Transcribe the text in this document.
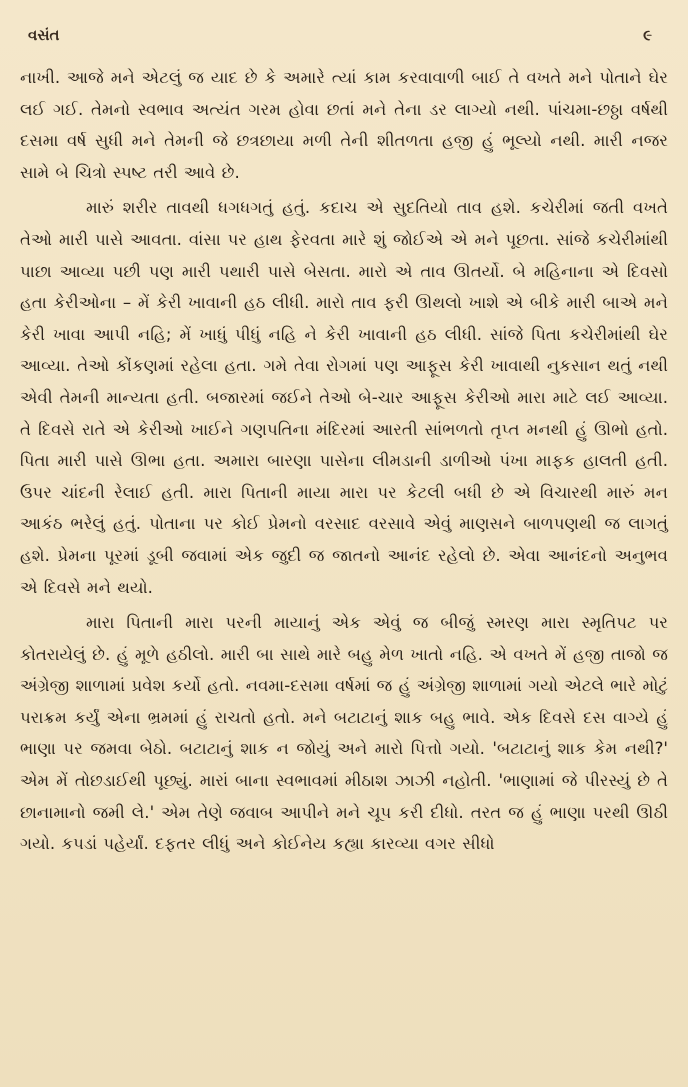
વસંત	૯

નાખી. આજે મને એટલું જ યાદ છે કે અમારે ત્યાં કામ કરવાવાળી બાઈ તે વખતે મને પોતાને ઘેર લઈ ગઈ. તેમનો સ્વભાવ અત્યંત ગરમ હોવા છતાં મને તેના ડર લાગ્યો નથી. પાંચમા-છઠ્ઠા વર્ષથી દસમા વર્ષ સુધી મને તેમની જે છત્રછાયા મળી તેની શીતળતા હજી હું ભૂલ્યો નથી. મારી નજર સામે બે ચિત્રો સ્પષ્ટ તરી આવે છે.

મારું શરીર તાવથી ધગધગતું હતું. કદાચ એ સુદતિયો તાવ હશે. કચેરીમાં જતી વખતે તેઓ મારી પાસે આવતા. વાંસા પર હાથ ફેરવતા મારે શું જોઈએ એ મને પૂછતા. સાંજે કચેરીમાંથી પાછા આવ્યા પછી પણ મારી પથારી પાસે બેસતા. મારો એ તાવ ઊતર્યો. બે મહિનાના એ દિવસો હતા કેરીઓના – મેં કેરી ખાવાની હઠ લીધી. મારો તાવ ફરી ઊથલો ખાશે એ બીકે મારી બાએ મને કેરી ખાવા આપી નહિ; મેં ખાધું પીધું નહિ ને કેરી ખાવાની હઠ લીધી. સાંજે પિતા કચેરીમાંથી ઘેર આવ્યા. તેઓ કોંકણમાં રહેલા હતા. ગમે તેવા રોગમાં પણ આફૂસ કેરી ખાવાથી નુકસાન થતું નથી એવી તેમની માન્યતા હતી. બજારમાં જઈને તેઓ બે-ચાર આફૂસ કેરીઓ મારા માટે લઈ આવ્યા. તે દિવસે રાતે એ કેરીઓ ખાઈને ગણપતિના મંદિરમાં આરતી સાંભળતો તૃપ્ત મનથી હું ઊભો હતો. પિતા મારી પાસે ઊભા હતા. અમારા બારણા પાસેના લીમડાની ડાળીઓ પંખા માફક હાલતી હતી. ઉપર ચાંદની રેલાઈ હતી. મારા પિતાની માયા મારા પર કેટલી બધી છે એ વિચારથી મારું મન આકંઠ ભરેલું હતું. પોતાના પર કોઈ પ્રેમનો વરસાદ વરસાવે એવું માણસને બાળપણથી જ લાગતું હશે. પ્રેમના પૂરમાં ડૂબી જવામાં એક જુદી જ જાતનો આનંદ રહેલો છે. એવા આનંદનો અનુભવ એ દિવસે મને થયો.

મારા પિતાની મારા પરની માયાનું એક એવું જ બીજું સ્મરણ મારા સ્મૃતિપટ પર કોતરાયેલું છે. હું મૂળે હઠીલો. મારી બા સાથે મારે બહુ મેળ ખાતો નહિ. એ વખતે મેં હજી તાજો જ અંગ્રેજી શાળામાં પ્રવેશ કર્યો હતો. નવમા-દસમા વર્ષમાં જ હું અંગ્રેજી શાળામાં ગયો એટલે ભારે મોટું પરાક્રમ કર્યું એના ભ્રમમાં હું રાચતો હતો. મને બટાટાનું શાક બહુ ભાવે. એક દિવસે દસ વાગ્યે હું ભાણા પર જમવા બેઠો. બટાટાનું શાક ન જોયું અને મારો પિત્તો ગયો. 'બટાટાનું શાક કેમ નથી?' એમ મેં તોછડાઈથી પૂછ્યું. મારાં બાના સ્વભાવમાં મીઠાશ ઝાઝી નહોતી. 'ભાણામાં જે પીરસ્યું છે તે છાનામાનો જમી લે.' એમ તેણે જવાબ આપીને મને ચૂપ કરી દીધો. તરત જ હું ભાણા પરથી ઊઠી ગયો. કપડાં પહેર્યાં. દફતર લીધું અને કોઈનેય કહ્યા કારવ્યા વગર સીધો
